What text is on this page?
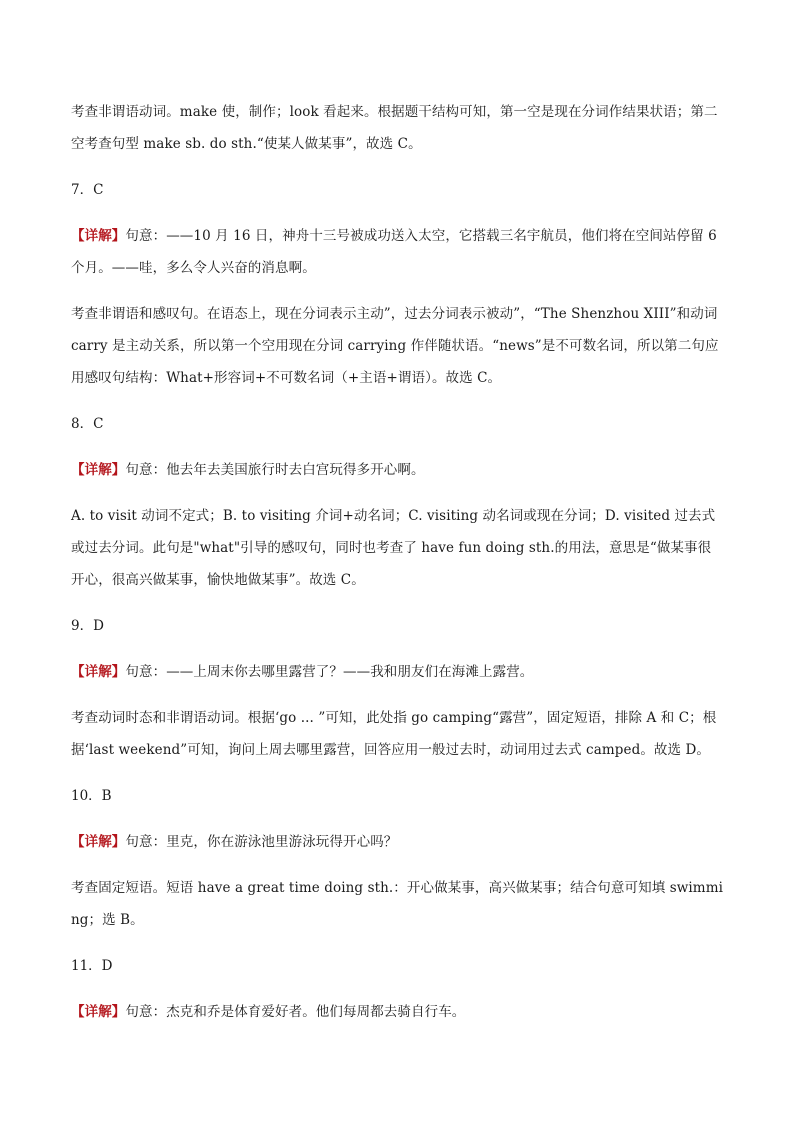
考查非谓语动词。make 使，制作；look 看起来。根据题干结构可知，第一空是现在分词作结果状语；第二空考查句型 make sb. do sth.“使某人做某事”，故选 C。

7．C

【详解】句意：——10 月 16 日，神舟十三号被成功送入太空，它搭载三名宇航员，他们将在空间站停留 6 个月。——哇，多么令人兴奋的消息啊。

考查非谓语和感叹句。在语态上，现在分词表示主动”，过去分词表示被动”，“The Shenzhou XIII”和动词 carry 是主动关系，所以第一个空用现在分词 carrying 作伴随状语。“news”是不可数名词，所以第二句应用感叹句结构：What+形容词+不可数名词（+主语+谓语）。故选 C。

8．C

【详解】句意：他去年去美国旅行时去白宫玩得多开心啊。

A. to visit 动词不定式；B. to visiting 介词+动名词；C. visiting 动名词或现在分词；D. visited 过去式或过去分词。此句是"what"引导的感叹句，同时也考查了 have fun doing sth.的用法，意思是“做某事很开心，很高兴做某事，愉快地做某事”。故选 C。

9．D

【详解】句意：——上周末你去哪里露营了？——我和朋友们在海滩上露营。

考查动词时态和非谓语动词。根据‘go ... ”可知，此处指 go camping“露营”，固定短语，排除 A 和 C；根据‘last weekend”可知，询问上周去哪里露营，回答应用一般过去时，动词用过去式 camped。故选 D。

10．B

【详解】句意：里克，你在游泳池里游泳玩得开心吗？

考查固定短语。短语 have a great time doing sth.：开心做某事，高兴做某事；结合句意可知填 swimming；选 B。

11．D

【详解】句意：杰克和乔是体育爱好者。他们每周都去骑自行车。
